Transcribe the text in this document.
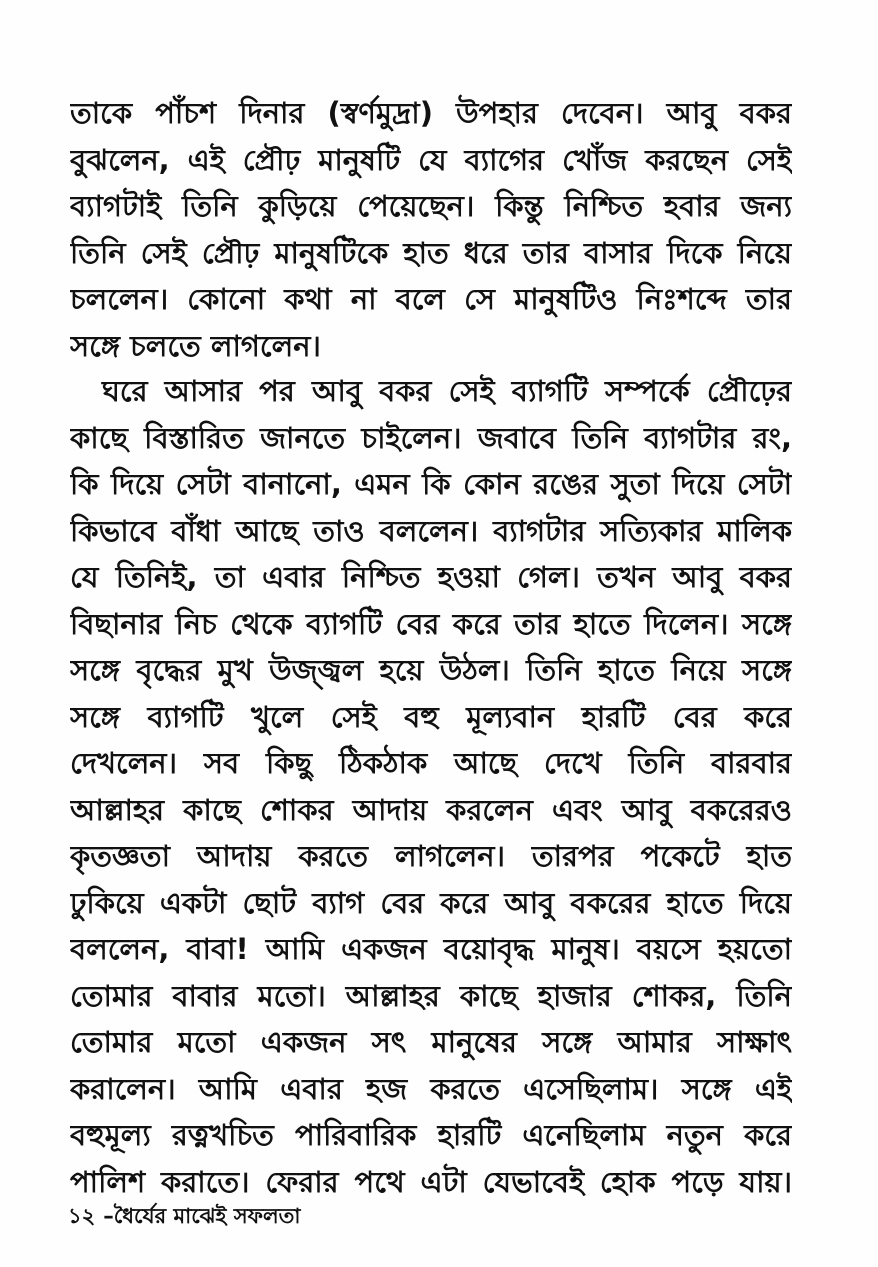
তাকে পাঁচশ দিনার (স্বর্ণমুদ্রা) উপহার দেবেন। আবু বকর
বুঝলেন, এই প্রৌঢ় মানুষটি যে ব্যাগের খোঁজ করছেন সেই
ব্যাগটাই তিনি কুড়িয়ে পেয়েছেন। কিন্তু নিশ্চিত হবার জন্য
তিনি সেই প্রৌঢ় মানুষটিকে হাত ধরে তার বাসার দিকে নিয়ে
চললেন। কোনো কথা না বলে সে মানুষটিও নিঃশব্দে তার
সঙ্গে চলতে লাগলেন।
ঘরে আসার পর আবু বকর সেই ব্যাগটি সম্পর্কে প্রৌঢ়ের
কাছে বিস্তারিত জানতে চাইলেন। জবাবে তিনি ব্যাগটার রং,
কি দিয়ে সেটা বানানো, এমন কি কোন রঙের সুতা দিয়ে সেটা
কিভাবে বাঁধা আছে তাও বললেন। ব্যাগটার সত্যিকার মালিক
যে তিনিই, তা এবার নিশ্চিত হওয়া গেল। তখন আবু বকর
বিছানার নিচ থেকে ব্যাগটি বের করে তার হাতে দিলেন। সঙ্গে
সঙ্গে বৃদ্ধের মুখ উজ্জ্বল হয়ে উঠল। তিনি হাতে নিয়ে সঙ্গে
সঙ্গে ব্যাগটি খুলে সেই বহু মূল্যবান হারটি বের করে
দেখলেন। সব কিছু ঠিকঠাক আছে দেখে তিনি বারবার
আল্লাহর কাছে শোকর আদায় করলেন এবং আবু বকরেরও
কৃতজ্ঞতা আদায় করতে লাগলেন। তারপর পকেটে হাত
ঢুকিয়ে একটা ছোট ব্যাগ বের করে আবু বকরের হাতে দিয়ে
বললেন, বাবা! আমি একজন বয়োবৃদ্ধ মানুষ। বয়সে হয়তো
তোমার বাবার মতো। আল্লাহর কাছে হাজার শোকর, তিনি
তোমার মতো একজন সৎ মানুষের সঙ্গে আমার সাক্ষাৎ
করালেন। আমি এবার হজ করতে এসেছিলাম। সঙ্গে এই
বহুমূল্য রত্নখচিত পারিবারিক হারটি এনেছিলাম নতুন করে
পালিশ করাতে। ফেরার পথে এটা যেভাবেই হোক পড়ে যায়।
১২ –ধৈর্যের মাঝেই সফলতা
